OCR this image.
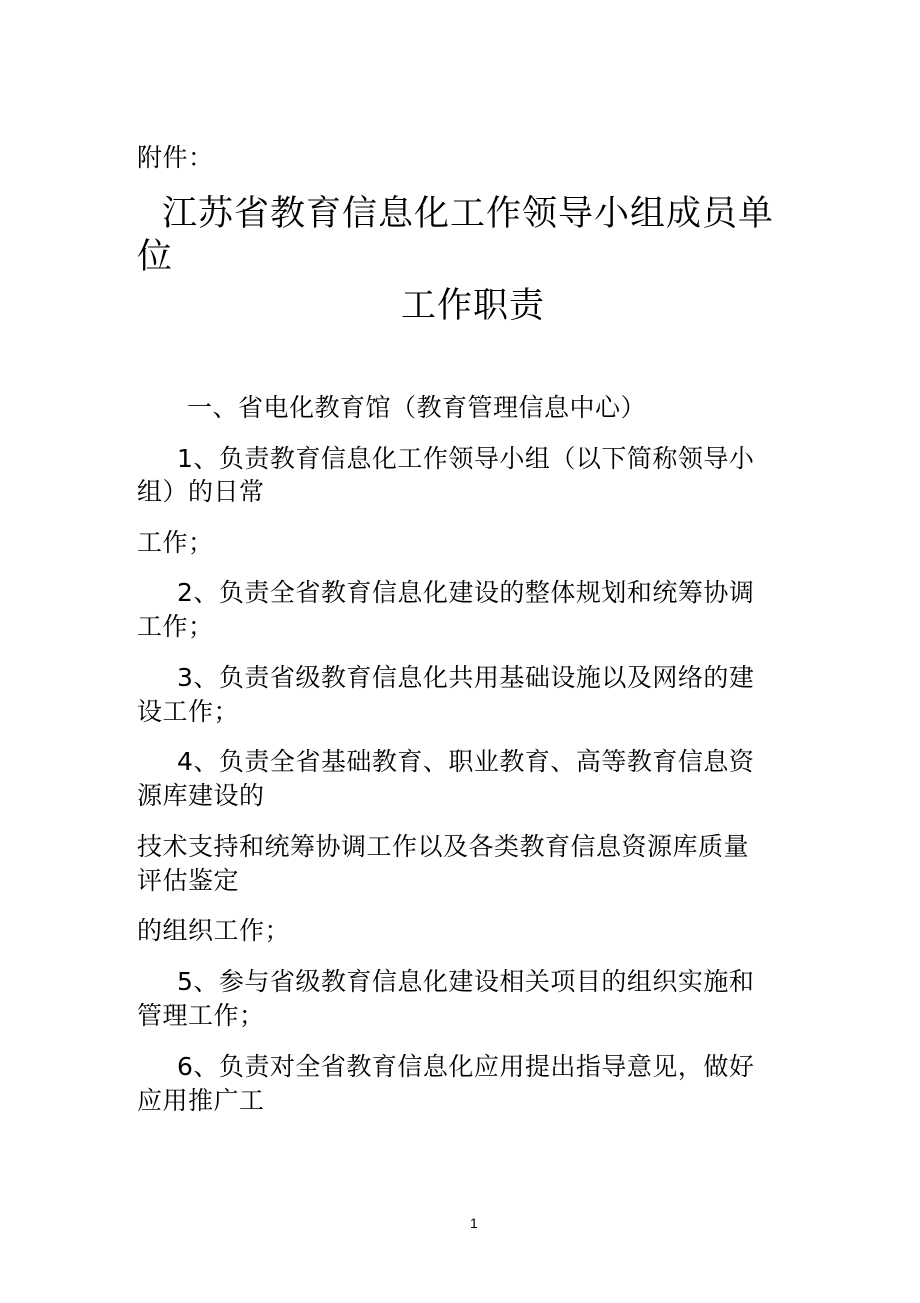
附件：
江苏省教育信息化工作领导小组成员单
位
工作职责
一、省电化教育馆（教育管理信息中心）
1、负责教育信息化工作领导小组（以下简称领导小
组）的日常
工作；
2、负责全省教育信息化建设的整体规划和统筹协调
工作；
3、负责省级教育信息化共用基础设施以及网络的建
设工作；
4、负责全省基础教育、职业教育、高等教育信息资
源库建设的
技术支持和统筹协调工作以及各类教育信息资源库质量
评估鉴定
的组织工作；
5、参与省级教育信息化建设相关项目的组织实施和
管理工作；
6、负责对全省教育信息化应用提出指导意见，做好
应用推广工
1
